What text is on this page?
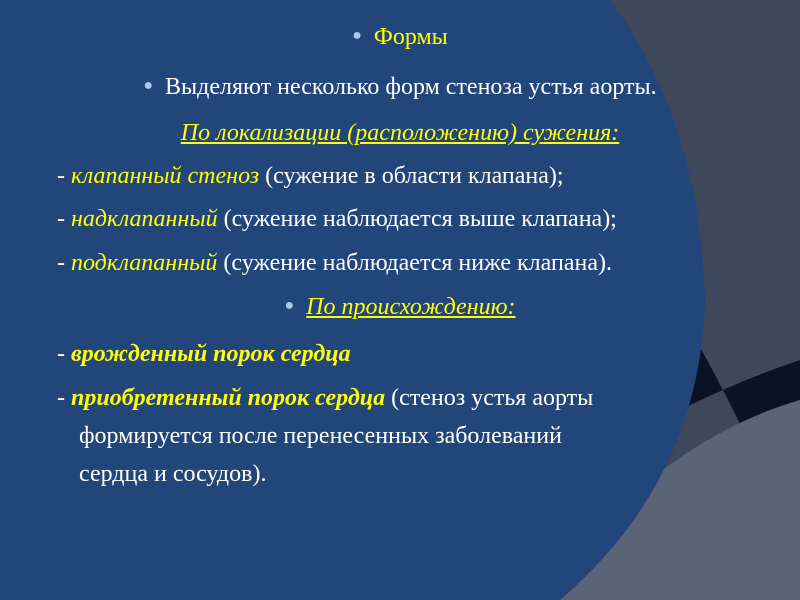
● Формы
● Выделяют несколько форм стеноза устья аорты.
По локализации (расположению) сужения:
- клапанный стеноз (сужение в области клапана);
- надклапанный (сужение наблюдается выше клапана);
- подклапанный (сужение наблюдается ниже клапана).
● По происхождению:
- врожденный порок сердца
- приобретенный порок сердца (стеноз устья аорты
формируется после перенесенных заболеваний
сердца и сосудов).
